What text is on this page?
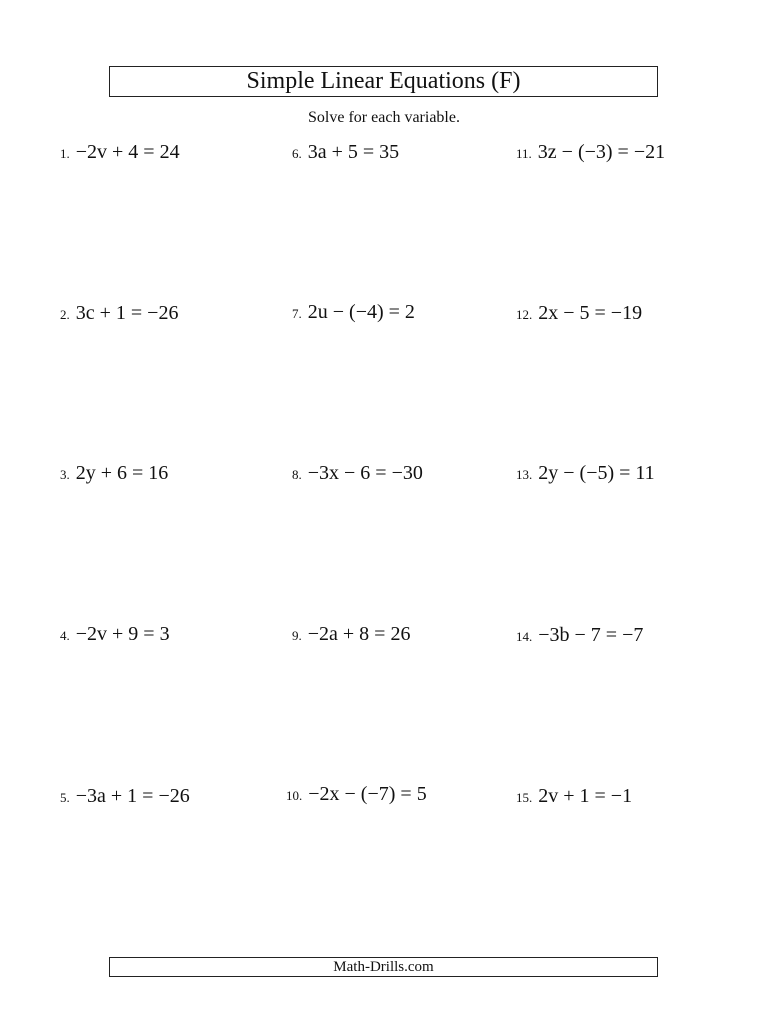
Simple Linear Equations (F)
Solve for each variable.
1. −2v + 4 = 24
2. 3c + 1 = −26
3. 2y + 6 = 16
4. −2v + 9 = 3
5. −3a + 1 = −26
6. 3a + 5 = 35
7. 2u − (−4) = 2
8. −3x − 6 = −30
9. −2a + 8 = 26
10. −2x − (−7) = 5
11. 3z − (−3) = −21
12. 2x − 5 = −19
13. 2y − (−5) = 11
14. −3b − 7 = −7
15. 2v + 1 = −1
Math-Drills.com
